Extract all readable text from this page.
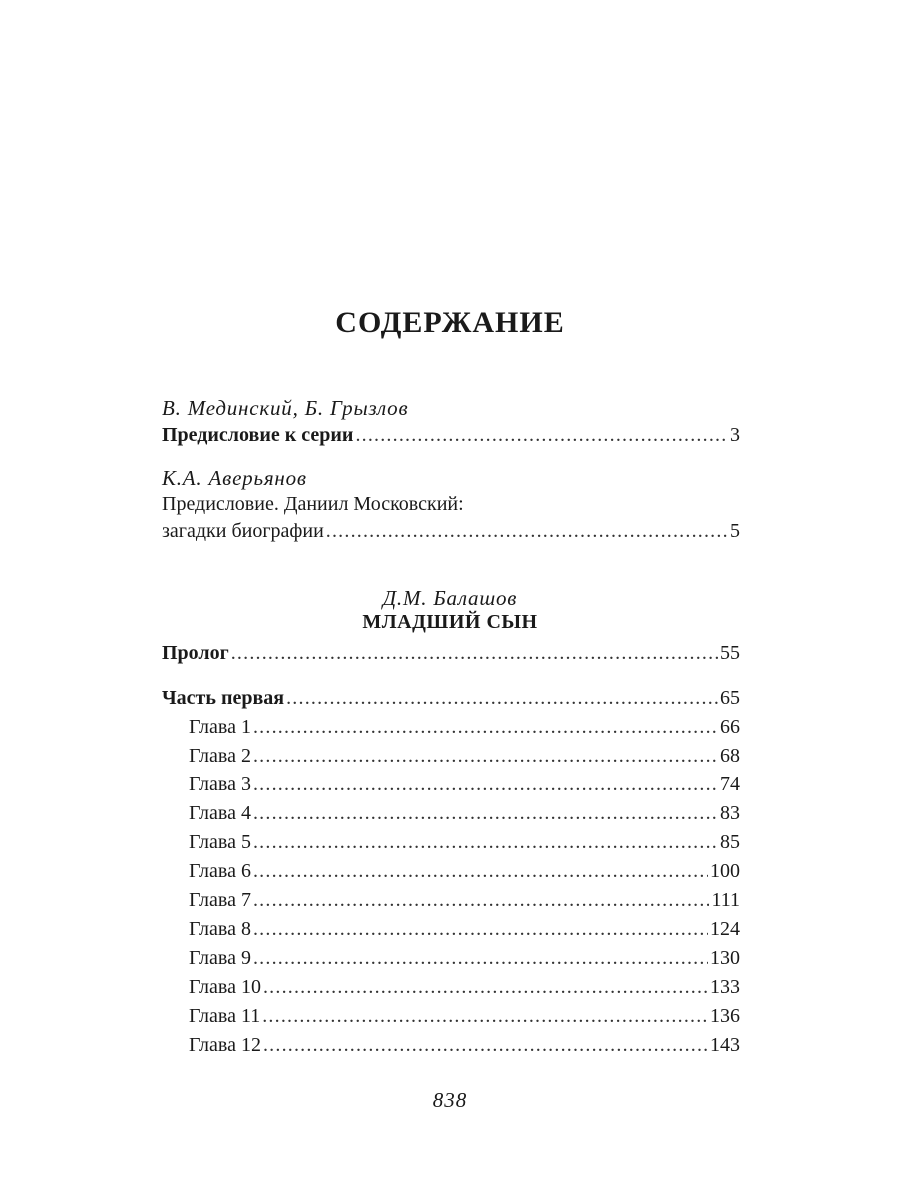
СОДЕРЖАНИЕ
В. Мединский, Б. Грызлов
Предисловие к серии .....	3
К.А. Аверьянов
Предисловие. Даниил Московский:
загадки биографии .....	5
Д.М. Балашов
МЛАДШИЙ СЫН
Пролог .....	55
Часть первая .....	65
Глава 1 .....	66
Глава 2 .....	68
Глава 3 .....	74
Глава 4 .....	83
Глава 5 .....	85
Глава 6 .....	100
Глава 7 .....	111
Глава 8 .....	124
Глава 9 .....	130
Глава 10 .....	133
Глава 11 .....	136
Глава 12 .....	143
838
